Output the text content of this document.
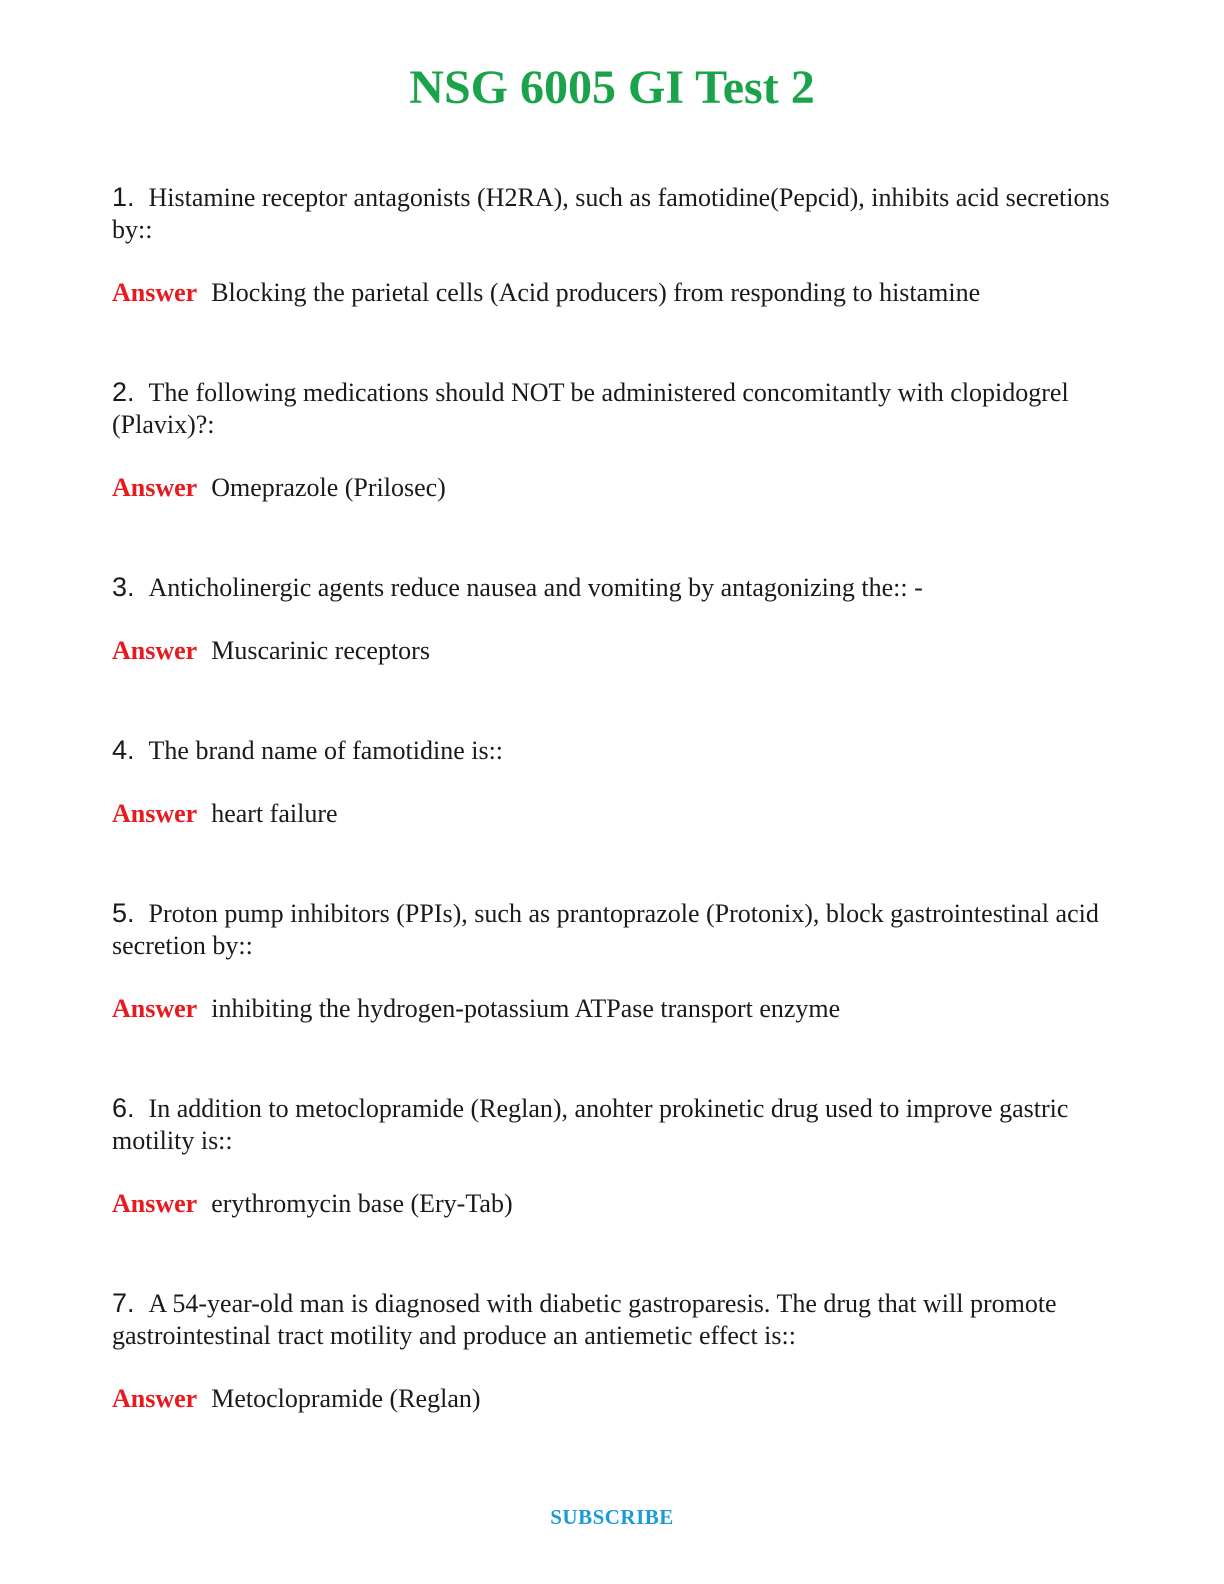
NSG 6005 GI Test 2

1. Histamine receptor antagonists (H2RA), such as famotidine(Pepcid), inhibits acid secretions by::

Answer Blocking the parietal cells (Acid producers) from responding to histamine

2. The following medications should NOT be administered concomitantly with clopidogrel (Plavix)?:

Answer Omeprazole (Prilosec)

3. Anticholinergic agents reduce nausea and vomiting by antagonizing the:: -

Answer Muscarinic receptors

4. The brand name of famotidine is::

Answer heart failure

5. Proton pump inhibitors (PPIs), such as prantoprazole (Protonix), block gastrointestinal acid secretion by::

Answer inhibiting the hydrogen-potassium ATPase transport enzyme

6. In addition to metoclopramide (Reglan), anohter prokinetic drug used to improve gastric motility is::

Answer erythromycin base (Ery-Tab)

7. A 54-year-old man is diagnosed with diabetic gastroparesis. The drug that will promote gastrointestinal tract motility and produce an antiemetic effect is::

Answer Metoclopramide (Reglan)

SUBSCRIBE
